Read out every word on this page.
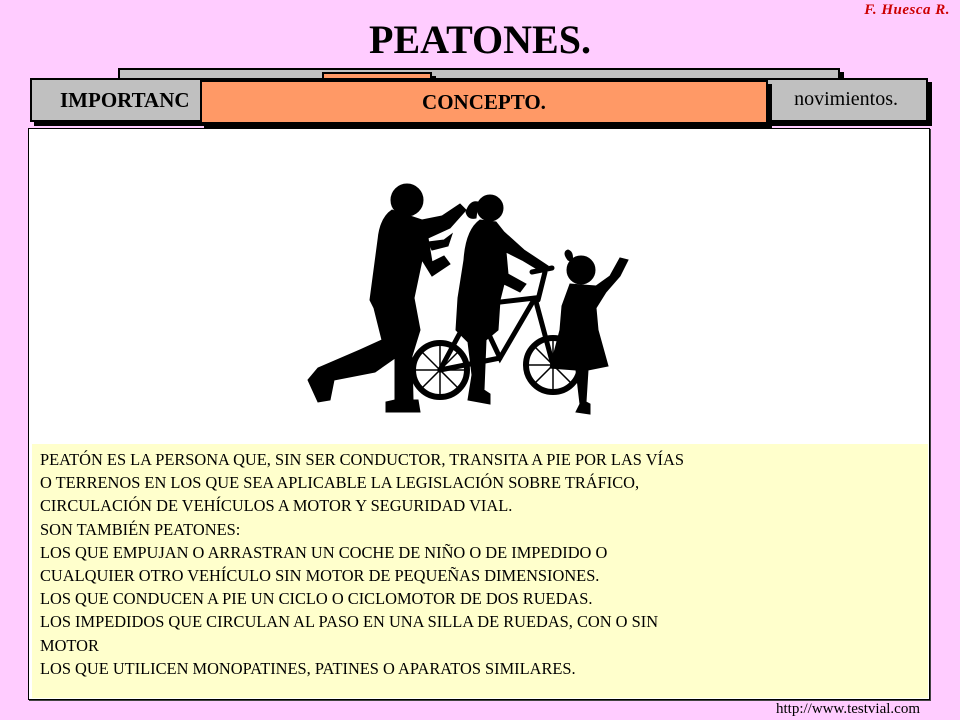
F. Huesca R.
PEATONES.
IMPORTANC	novimientos.
CONCEPTO.
PEATÓN ES LA PERSONA QUE, SIN SER CONDUCTOR, TRANSITA A PIE POR LAS VÍAS
O TERRENOS EN LOS QUE SEA APLICABLE LA LEGISLACIÓN SOBRE TRÁFICO,
CIRCULACIÓN DE VEHÍCULOS A MOTOR Y SEGURIDAD VIAL.
SON TAMBIÉN PEATONES:
LOS QUE EMPUJAN O ARRASTRAN UN COCHE DE NIÑO O DE IMPEDIDO O
CUALQUIER OTRO VEHÍCULO SIN MOTOR DE PEQUEÑAS DIMENSIONES.
LOS QUE CONDUCEN A PIE UN CICLO O CICLOMOTOR DE DOS RUEDAS.
LOS IMPEDIDOS QUE CIRCULAN AL PASO EN UNA SILLA DE RUEDAS, CON O SIN
MOTOR
LOS QUE UTILICEN MONOPATINES, PATINES O APARATOS SIMILARES.
http://www.testvial.com
